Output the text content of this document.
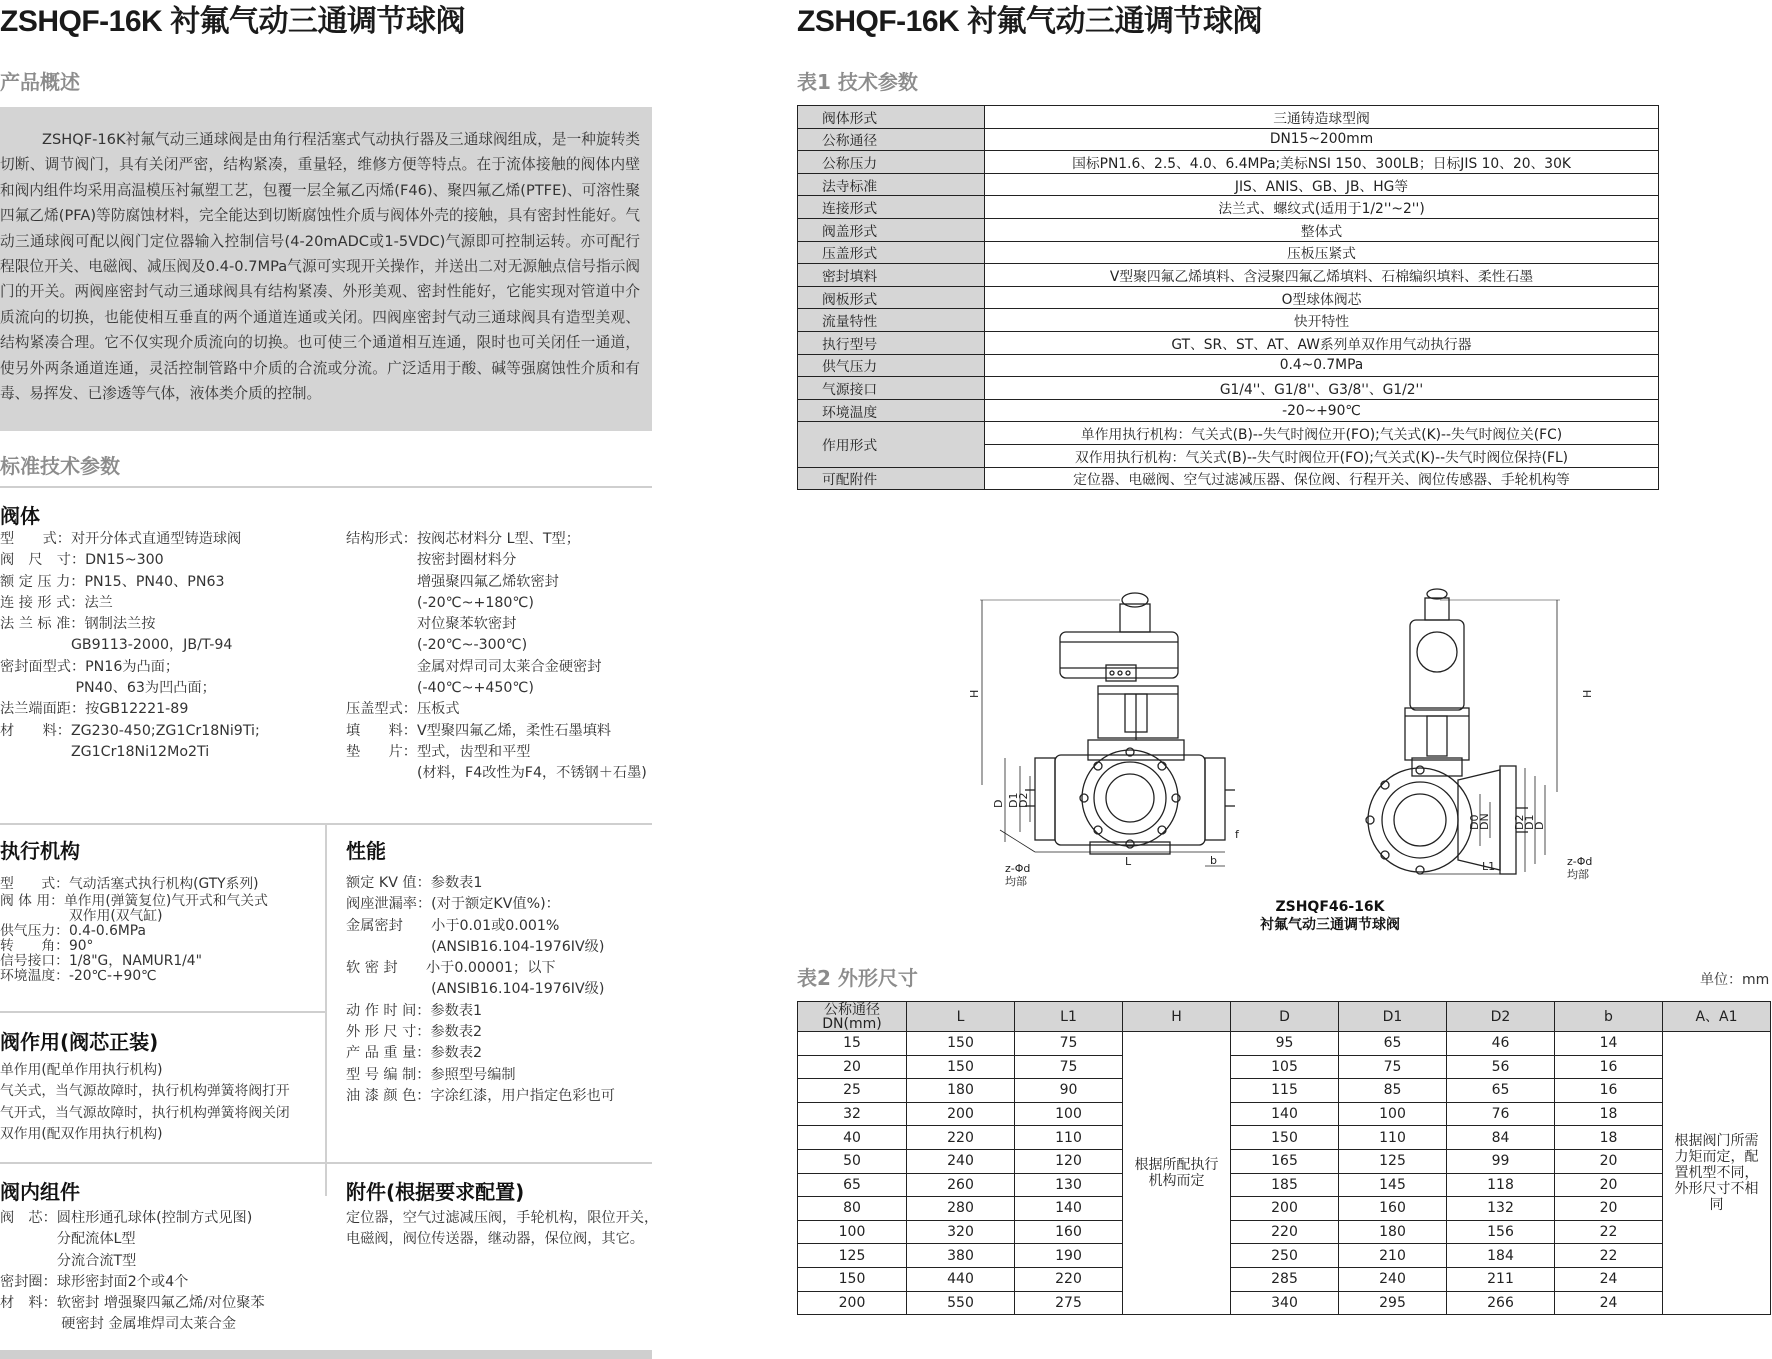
ZSHQF-16K 衬氟气动三通调节球阀
产品概述

ZSHQF-16K衬氟气动三通球阀是由角行程活塞式气动执行器及三通球阀组成，是一种旋转类切断、调节阀门，具有关闭严密，结构紧凑，重量轻，维修方便等特点。在于流体接触的阀体内壁和阀内组件均采用高温模压衬氟塑工艺，包覆一层全氟乙丙烯(F46)、聚四氟乙烯(PTFE)、可溶性聚四氟乙烯(PFA)等防腐蚀材料，完全能达到切断腐蚀性介质与阀体外壳的接触，具有密封性能好。气动三通球阀可配以阀门定位器输入控制信号(4-20mADC或1-5VDC)气源即可控制运转。亦可配行程限位开关、电磁阀、减压阀及0.4-0.7MPa气源可实现开关操作，并送出二对无源触点信号指示阀门的开关。两阀座密封气动三通球阀具有结构紧凑、外形美观、密封性能好，它能实现对管道中介质流向的切换，也能使相互垂直的两个通道连通或关闭。四阀座密封气动三通球阀具有造型美观、结构紧凑合理。它不仅实现介质流向的切换。也可使三个通道相互连通，限时也可关闭任一通道，使另外两条通道连通，灵活控制管路中介质的合流或分流。广泛适用于酸、碱等强腐蚀性介质和有毒、易挥发、已渗透等气体，液体类介质的控制。

标准技术参数
阀体
型　　式：对开分体式直通型铸造球阀
阀　尺　寸：DN15~300
额 定 压 力：PN15、PN40、PN63
连 接 形 式：法兰
法 兰 标 准：钢制法兰按
　　　　　GB9113-2000，JB/T-94
密封面型式：PN16为凸面；
　　　　　 PN40、63为凹凸面；
法兰端面距：按GB12221-89
材　　料：ZG230-450;ZG1Cr18Ni9Ti;
　　　　　ZG1Cr18Ni12Mo2Ti
结构形式：按阀芯材料分 L型、T型；
　　　　　按密封圈材料分
　　　　　增强聚四氟乙烯软密封
　　　　　(-20℃~+180℃)
　　　　　对位聚苯软密封
　　　　　(-20℃~-300℃)
　　　　　金属对焊司司太莱合金硬密封
　　　　　(-40℃~+450℃)
压盖型式：压板式
填　　料：V型聚四氟乙烯，柔性石墨填料
垫　　片：型式，齿型和平型
　　　　　(材料，F4改性为F4，不锈钢＋石墨)
执行机构
型　　式：气动活塞式执行机构(GTY系列)
阀 体 用：单作用(弹簧复位)气开式和气关式
　　　　　双作用(双气缸)
供气压力：0.4-0.6MPa
转　　角：90°
信号接口：1/8"G，NAMUR1/4"
环境温度：-20℃-+90℃
阀作用(阀芯正装)
单作用(配单作用执行机构)
气关式，当气源故障时，执行机构弹簧将阀打开
气开式，当气源故障时，执行机构弹簧将阀关闭
双作用(配双作用执行机构)
性能
额定 KV 值：参数表1
阀座泄漏率：(对于额定KV值%)：
金属密封　　小于0.01或0.001%
　　　　　　(ANSIB16.104-1976IV级)
软 密 封　　小于0.00001；以下
　　　　　　(ANSIB16.104-1976IV级)
动 作 时 间：参数表1
外 形 尺 寸：参数表2
产 品 重 量：参数表2
型 号 编 制：参照型号编制
油 漆 颜 色：字涂红漆，用户指定色彩也可
阀内组件
阀　芯：圆柱形通孔球体(控制方式见图)
　　　　分配流体L型
　　　　分流合流T型
密封圈：球形密封面2个或4个
材　料：软密封 增强聚四氟乙烯/对位聚苯
　　　　 硬密封 金属堆焊司太莱合金
附件(根据要求配置)
定位器，空气过滤减压阀，手轮机构，限位开关，
电磁阀，阀位传送器，继动器，保位阀，其它。
ZSHQF-16K 衬氟气动三通调节球阀
表1 技术参数
阀体形式	三通铸造球型阀
公称通径	DN15~200mm
公称压力	国标PN1.6、2.5、4.0、6.4MPa;美标NSI 150、300LB；日标JIS 10、20、30K
法寺标准	JIS、ANIS、GB、JB、HG等
连接形式	法兰式、螺纹式(适用于1/2''~2'')
阀盖形式	整体式
压盖形式	压板压紧式
密封填料	V型聚四氟乙烯填料、含浸聚四氟乙烯填料、石棉编织填料、柔性石墨
阀板形式	O型球体阀芯
流量特性	快开特性
执行型号	GT、SR、ST、AT、AW系列单双作用气动执行器
供气压力	0.4~0.7MPa
气源接口	G1/4''、G1/8''、G3/8''、G1/2''
环境温度	-20~+90℃
作用形式	单作用执行机构：气关式(B)--失气时阀位开(FO);气关式(K)--失气时阀位关(FC)
	双作用执行机构：气关式(B)--失气时阀位开(FO);气关式(K)--失气时阀位保持(FL)
可配附件	定位器、电磁阀、空气过滤减压器、保位阀、行程开关、阀位传感器、手轮机构等
H
D D1
D2
L	b
f
z-Φd
均部
H
D0
DN D2
D1
D
L1	z-Φd
均部
ZSHQF46-16K
衬氟气动三通调节球阀
表2 外形尺寸	单位：mm
公称通径
DN(mm)	L	L1	H	D	D1	D2	b	A、A1
15	150	75	根据所配执行机构而定	95	65	46	14	根据阀门所需力矩而定，配置机型不同，外形尺寸不相同
20	150	75		105	75	56	16	
25	180	90		115	85	65	16	
32	200	100		140	100	76	18	
40	220	110		150	110	84	18	
50	240	120		165	125	99	20	
65	260	130		185	145	118	20	
80	280	140		200	160	132	20	
100	320	160		220	180	156	22	
125	380	190		250	210	184	22	
150	440	220		285	240	211	24	
200	550	275		340	295	266	24	
